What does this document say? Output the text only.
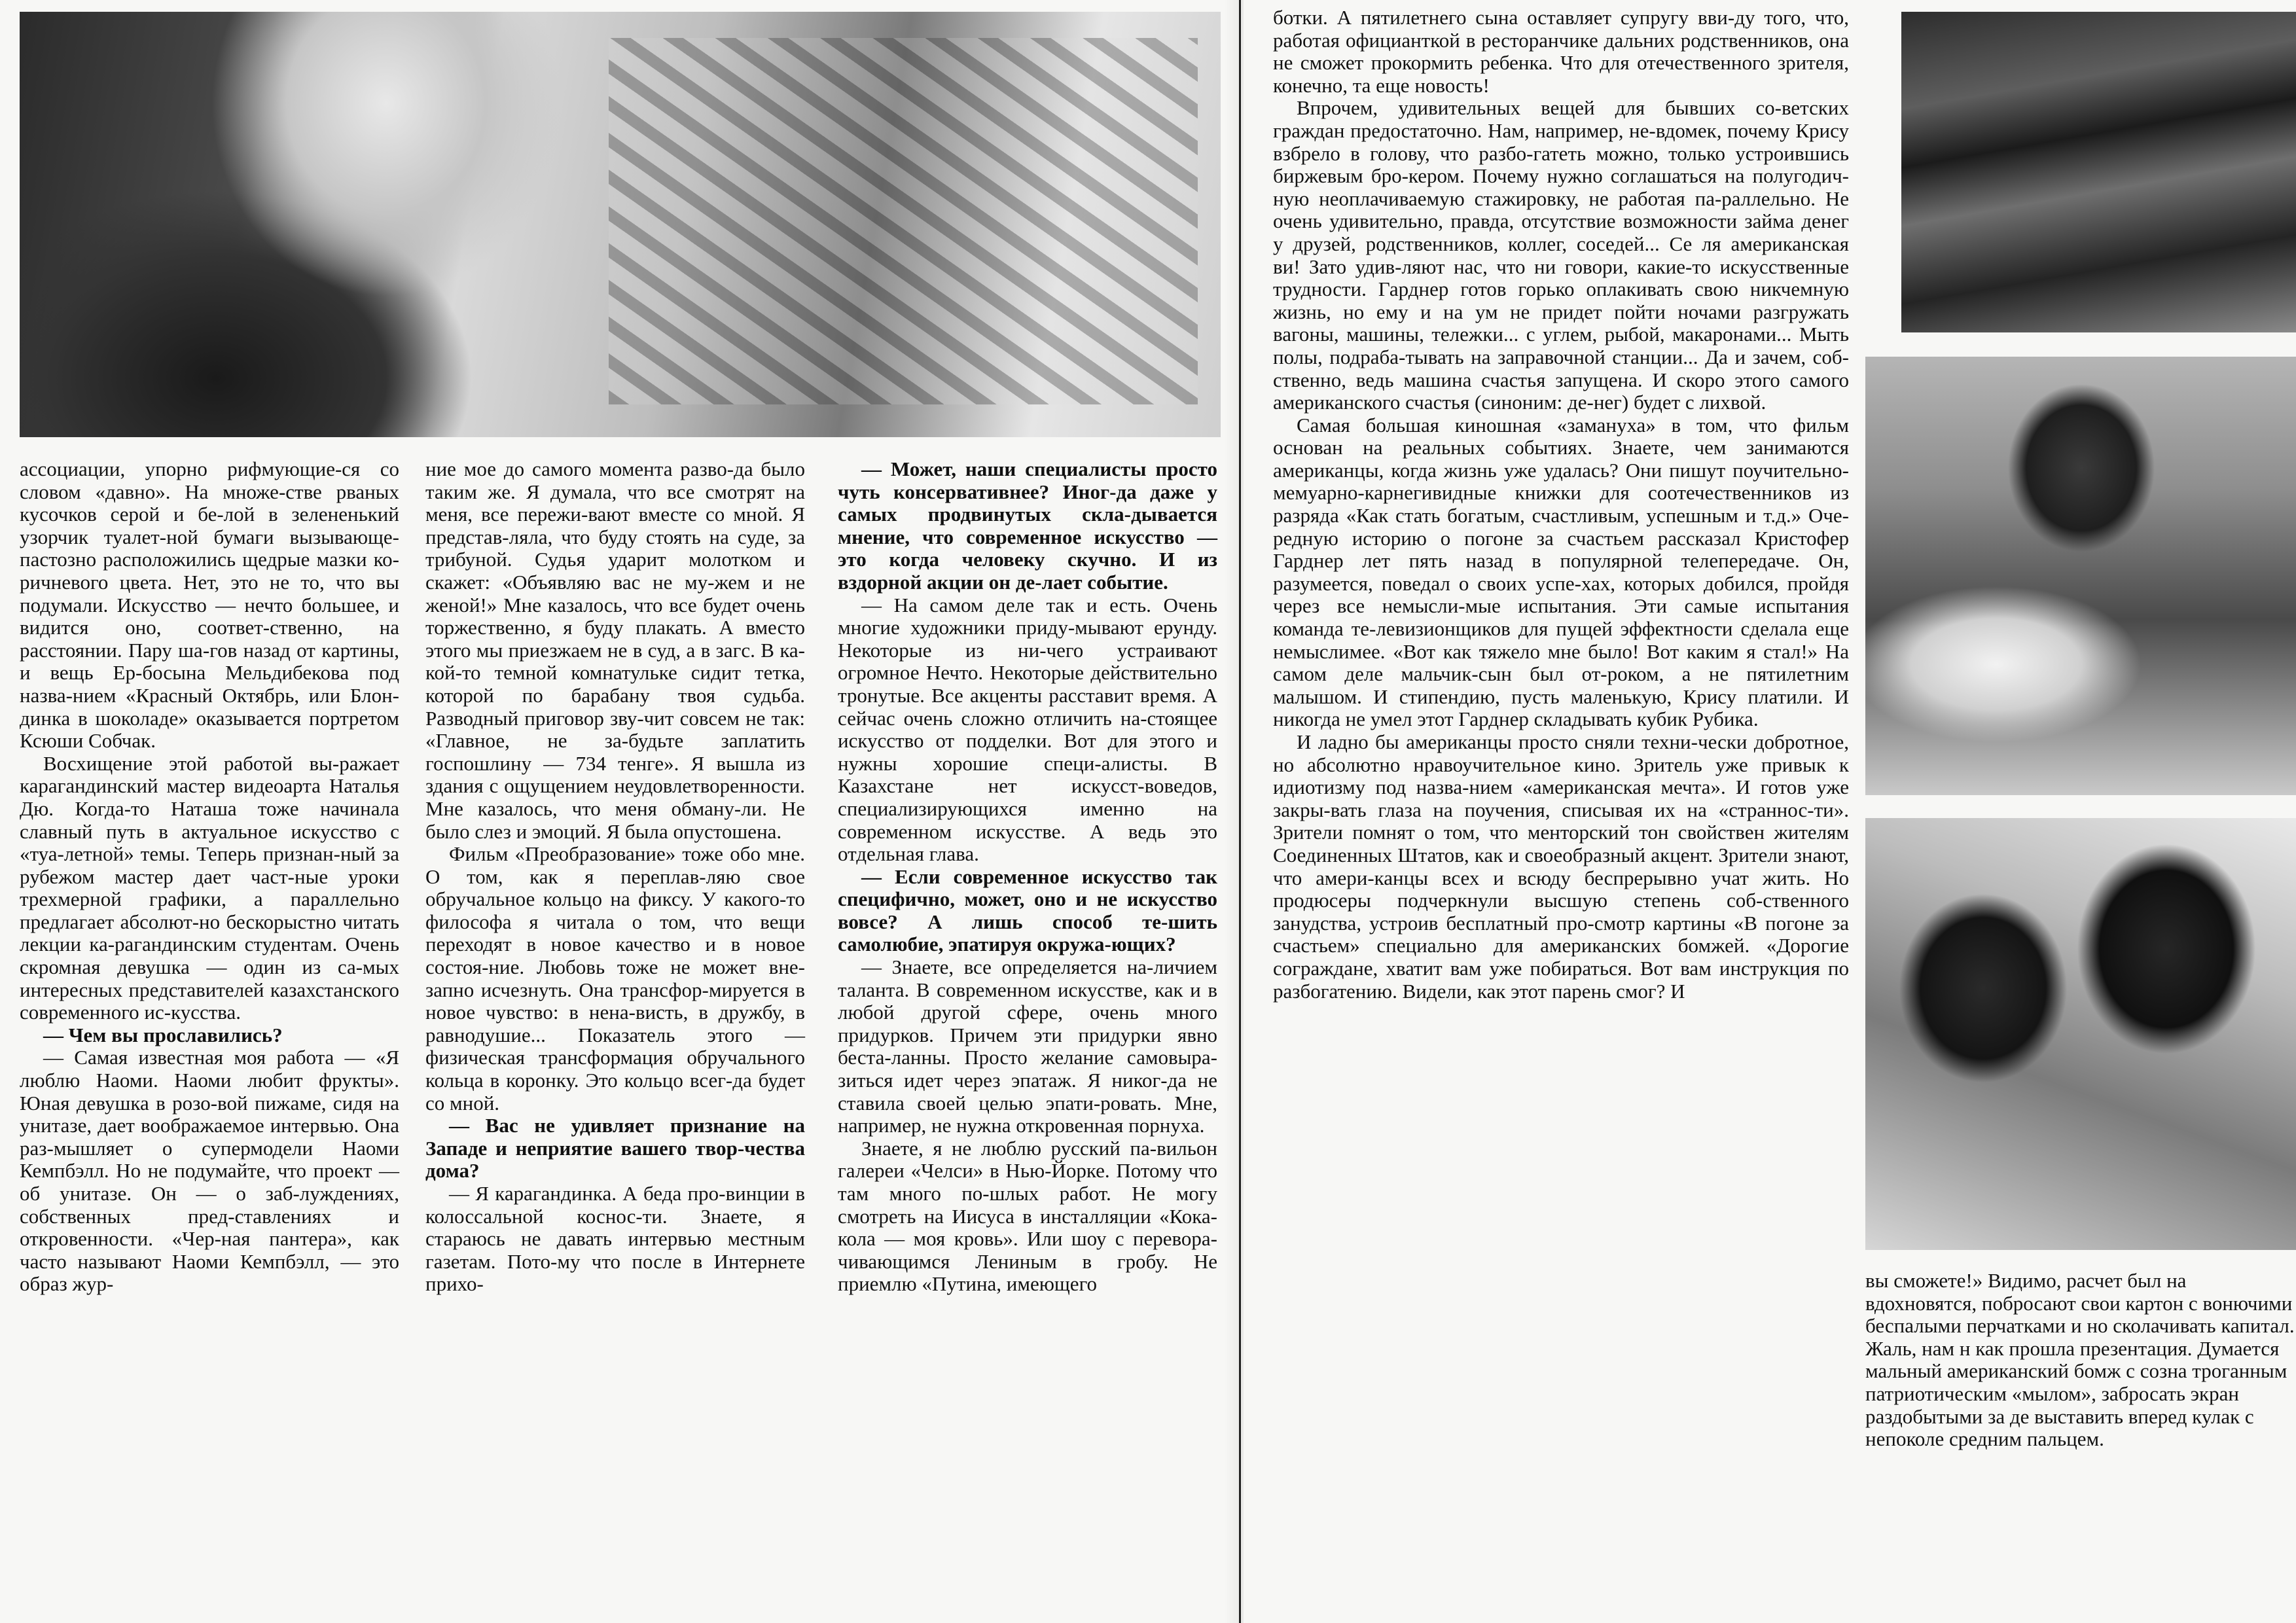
ассоциации, упорно рифмующие-ся со словом «давно». На множе-стве рваных кусочков серой и бе-лой в зелененький узорчик туалет-ной бумаги вызывающе-пастозно расположились щедрые мазки ко-ричневого цвета. Нет, это не то, что вы подумали. Искусство — нечто большее, и видится оно, соответ-ственно, на расстоянии. Пару ша-гов назад от картины, и вещь Ер-босына Мельдибекова под назва-нием «Красный Октябрь, или Блон-динка в шоколаде» оказывается портретом Ксюши Собчак.

Восхищение этой работой вы-ражает карагандинский мастер видеоарта Наталья Дю. Когда-то Наташа тоже начинала славный путь в актуальное искусство с «туа-летной» темы. Теперь признан-ный за рубежом мастер дает част-ные уроки трехмерной графики, а параллельно предлагает абсолют-но бескорыстно читать лекции ка-рагандинским студентам. Очень скромная девушка — один из са-мых интересных представителей казахстанского современного ис-кусства.

— Чем вы прославились?

— Самая известная моя работа — «Я люблю Наоми. Наоми любит фрукты». Юная девушка в розо-вой пижаме, сидя на унитазе, дает воображаемое интервью. Она раз-мышляет о супермодели Наоми Кемпбэлл. Но не подумайте, что проект — об унитазе. Он — о заб-луждениях, собственных пред-ставлениях и откровенности. «Чер-ная пантера», как часто называют Наоми Кемпбэлл, — это образ жур-

ние мое до самого момента разво-да было таким же. Я думала, что все смотрят на меня, все пережи-вают вместе со мной. Я представ-ляла, что буду стоять на суде, за трибуной. Судья ударит молотком и скажет: «Объявляю вас не му-жем и не женой!» Мне казалось, что все будет очень торжественно, я буду плакать. А вместо этого мы приезжаем не в суд, а в загс. В ка-кой-то темной комнатульке сидит тетка, которой по барабану твоя судьба. Разводный приговор зву-чит совсем не так: «Главное, не за-будьте заплатить госпошлину — 734 тенге». Я вышла из здания с ощущением неудовлетворенности. Мне казалось, что меня обману-ли. Не было слез и эмоций. Я была опустошена.

Фильм «Преобразование» тоже обо мне. О том, как я переплав-ляю свое обручальное кольцо на фиксу. У какого-то философа я читала о том, что вещи переходят в новое качество и в новое состоя-ние. Любовь тоже не может вне-запно исчезнуть. Она трансфор-мируется в новое чувство: в нена-висть, в дружбу, в равнодушие... Показатель этого — физическая трансформация обручального кольца в коронку. Это кольцо всег-да будет со мной.

— Вас не удивляет признание на Западе и неприятие вашего твор-чества дома?

— Я карагандинка. А беда про-винции в колоссальной коснос-ти. Знаете, я стараюсь не давать интервью местным газетам. Пото-му что после в Интернете прихо-

— Может, наши специалисты просто чуть консервативнее? Иног-да даже у самых продвинутых скла-дывается мнение, что современное искусство — это когда человеку скучно. И из вздорной акции он де-лает событие.

— На самом деле так и есть. Очень многие художники приду-мывают ерунду. Некоторые из ни-чего устраивают огромное Нечто. Некоторые действительно тронутые. Все акценты расставит время. А сейчас очень сложно отличить на-стоящее искусство от подделки. Вот для этого и нужны хорошие специ-алисты. В Казахстане нет искусст-воведов, специализирующихся именно на современном искусстве. А ведь это отдельная глава.

— Если современное искусство так специфично, может, оно и не искусство вовсе? А лишь способ те-шить самолюбие, эпатируя окружа-ющих?

— Знаете, все определяется на-личием таланта. В современном искусстве, как и в любой другой сфере, очень много придурков. Причем эти придурки явно беста-ланны. Просто желание самовыра-зиться идет через эпатаж. Я никог-да не ставила своей целью эпати-ровать. Мне, например, не нужна откровенная порнуха.

Знаете, я не люблю русский па-вильон галереи «Челси» в Нью-Йорке. Потому что там много по-шлых работ. Не могу смотреть на Иисуса в инсталляции «Кока-кола — моя кровь». Или шоу с перевора-чивающимся Лениным в гробу. Не приемлю «Путина, имеющего

ботки. А пятилетнего сына оставляет супругу вви-ду того, что, работая официанткой в ресторанчике дальних родственников, она не сможет прокормить ребенка. Что для отечественного зрителя, конечно, та еще новость!

Впрочем, удивительных вещей для бывших со-ветских граждан предостаточно. Нам, например, не-вдомек, почему Крису взбрело в голову, что разбо-гатеть можно, только устроившись биржевым бро-кером. Почему нужно соглашаться на полугодич-ную неоплачиваемую стажировку, не работая па-раллельно. Не очень удивительно, правда, отсутствие возможности займа денег у друзей, родственников, коллег, соседей... Се ля американская ви! Зато удив-ляют нас, что ни говори, какие-то искусственные трудности. Гарднер готов горько оплакивать свою никчемную жизнь, но ему и на ум не придет пойти ночами разгружать вагоны, машины, тележки... с углем, рыбой, макаронами... Мыть полы, подраба-тывать на заправочной станции... Да и зачем, соб-ственно, ведь машина счастья запущена. И скоро этого самого американского счастья (синоним: де-нег) будет с лихвой.

Самая большая киношная «замануха» в том, что фильм основан на реальных событиях. Знаете, чем занимаются американцы, когда жизнь уже удалась? Они пишут поучительно-мемуарно-карнегивидные книжки для соотечественников из разряда «Как стать богатым, счастливым, успешным и т.д.» Оче-редную историю о погоне за счастьем рассказал Кристофер Гарднер лет пять назад в популярной телепередаче. Он, разумеется, поведал о своих успе-хах, которых добился, пройдя через все немысли-мые испытания. Эти самые испытания команда те-левизионщиков для пущей эффектности сделала еще немыслимее. «Вот как тяжело мне было! Вот каким я стал!» На самом деле мальчик-сын был от-роком, а не пятилетним малышом. И стипендию, пусть маленькую, Крису платили. И никогда не умел этот Гарднер складывать кубик Рубика.

И ладно бы американцы просто сняли техни-чески добротное, но абсолютно нравоучительное кино. Зритель уже привык к идиотизму под назва-нием «американская мечта». И готов уже закры-вать глаза на поучения, списывая их на «страннос-ти». Зрители помнят о том, что менторский тон свойствен жителям Соединенных Штатов, как и своеобразный акцент. Зрители знают, что амери-канцы всех и всюду беспрерывно учат жить. Но продюсеры подчеркнули высшую степень соб-ственного занудства, устроив бесплатный про-смотр картины «В погоне за счастьем» специально для американских бомжей. «Дорогие сограждане, хватит вам уже побираться. Вот вам инструкция по разбогатению. Видели, как этот парень смог? И

вы сможете!» Видимо, расчет был на вдохновятся, побросают свои картон с вонючими беспалыми перчатками и но сколачивать капитал. Жаль, нам н как прошла презентация. Думается мальный американский бомж с созна троганным патриотическим «мылом», забросать экран раздобытыми за де выставить вперед кулак с непоколе средним пальцем.
